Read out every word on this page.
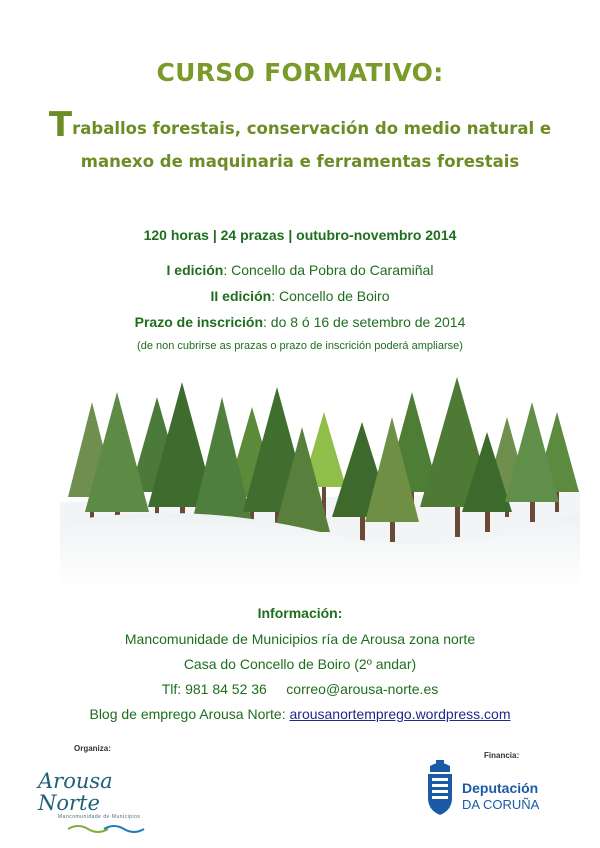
CURSO FORMATIVO:
Traballos forestais, conservación do medio natural e
manexo de maquinaria e ferramentas forestais
120 horas | 24 prazas | outubro-novembro 2014
I edición: Concello da Pobra do Caramiñal
II edición: Concello de Boiro
Prazo de inscrición: do 8 ó 16 de setembro de 2014
(de non cubrirse as prazas o prazo de inscrición poderá ampliarse)
Información:
Mancomunidade de Municipios ría de Arousa zona norte
Casa do Concello de Boiro (2º andar)
Tlf: 981 84 52 36 correo@arousa-norte.es
Blog de emprego Arousa Norte: arousanortemprego.wordpress.com
Organiza:
Financia:
Arousa Norte
Mancomunidade de Municipios
Deputación
DA CORUÑA
